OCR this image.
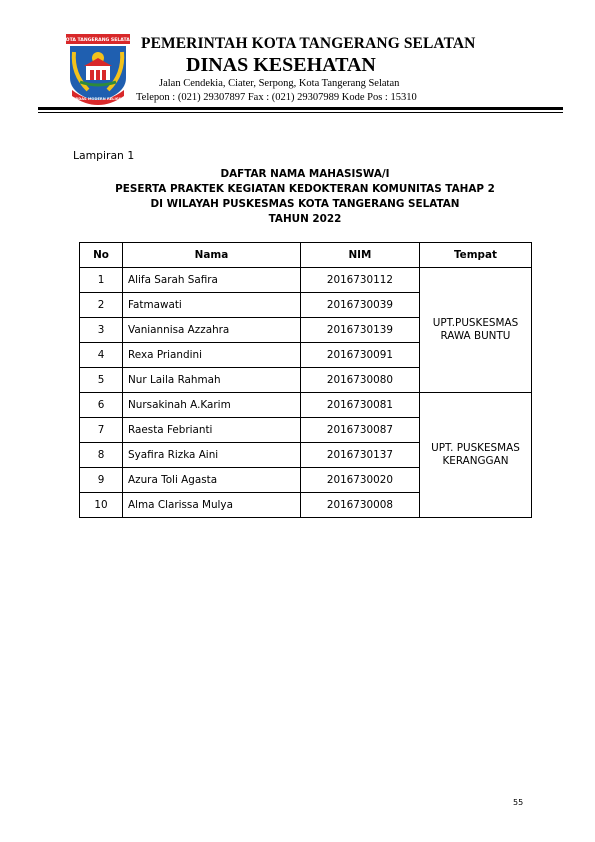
KOTA TANGERANG SELATAN
CERDAS MODERN RELIGIUS
PEMERINTAH KOTA TANGERANG SELATAN
DINAS KESEHATAN
Jalan Cendekia, Ciater, Serpong, Kota Tangerang Selatan
Telepon : (021) 29307897 Fax : (021) 29307989 Kode Pos : 15310
Lampiran 1
DAFTAR NAMA MAHASISWA/I
PESERTA PRAKTEK KEGIATAN KEDOKTERAN KOMUNITAS TAHAP 2
DI WILAYAH PUSKESMAS KOTA TANGERANG SELATAN
TAHUN 2022
No	Nama	NIM	Tempat
1	Alifa Sarah Safira	2016730112	UPT.PUSKESMAS
RAWA BUNTU

2	Fatmawati	2016730039	
3	Vaniannisa Azzahra	2016730139	
4	Rexa Priandini	2016730091	
5	Nur Laila Rahmah	2016730080	
6	Nursakinah A.Karim	2016730081	UPT. PUSKESMAS
KERANGGAN

7	Raesta Febrianti	2016730087	
8	Syafira Rizka Aini	2016730137	
9	Azura Toli Agasta	2016730020	
10	Alma Clarissa Mulya	2016730008	
55
